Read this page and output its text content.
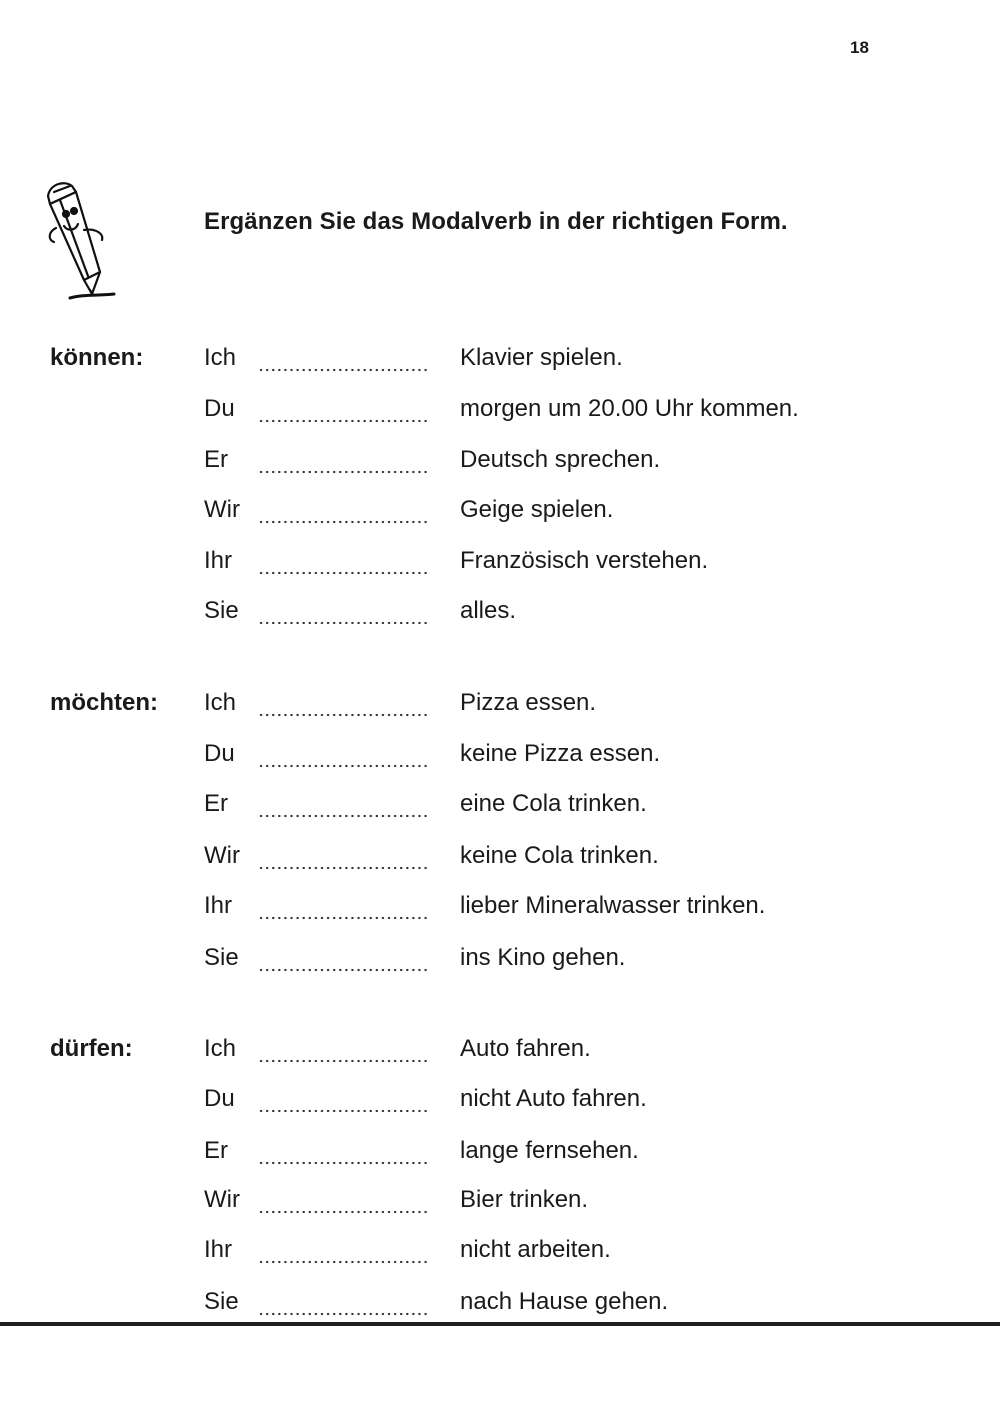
18
Ergänzen Sie das Modalverb in der richtigen Form.
können:	Ich	Klavier spielen.
Du	morgen um 20.00 Uhr kommen.
Er	Deutsch sprechen.
Wir	Geige spielen.
Ihr	Französisch verstehen.
Sie	alles.
möchten: Ich	Pizza essen.
Du	keine Pizza essen.
Er	eine Cola trinken.
Wir	keine Cola trinken.
Ihr	lieber Mineralwasser trinken.
Sie	ins Kino gehen.
dürfen:	Ich	Auto fahren.
Du	nicht Auto fahren.
Er	lange fernsehen.
Wir	Bier trinken.
Ihr	nicht arbeiten.
Sie	nach Hause gehen.
